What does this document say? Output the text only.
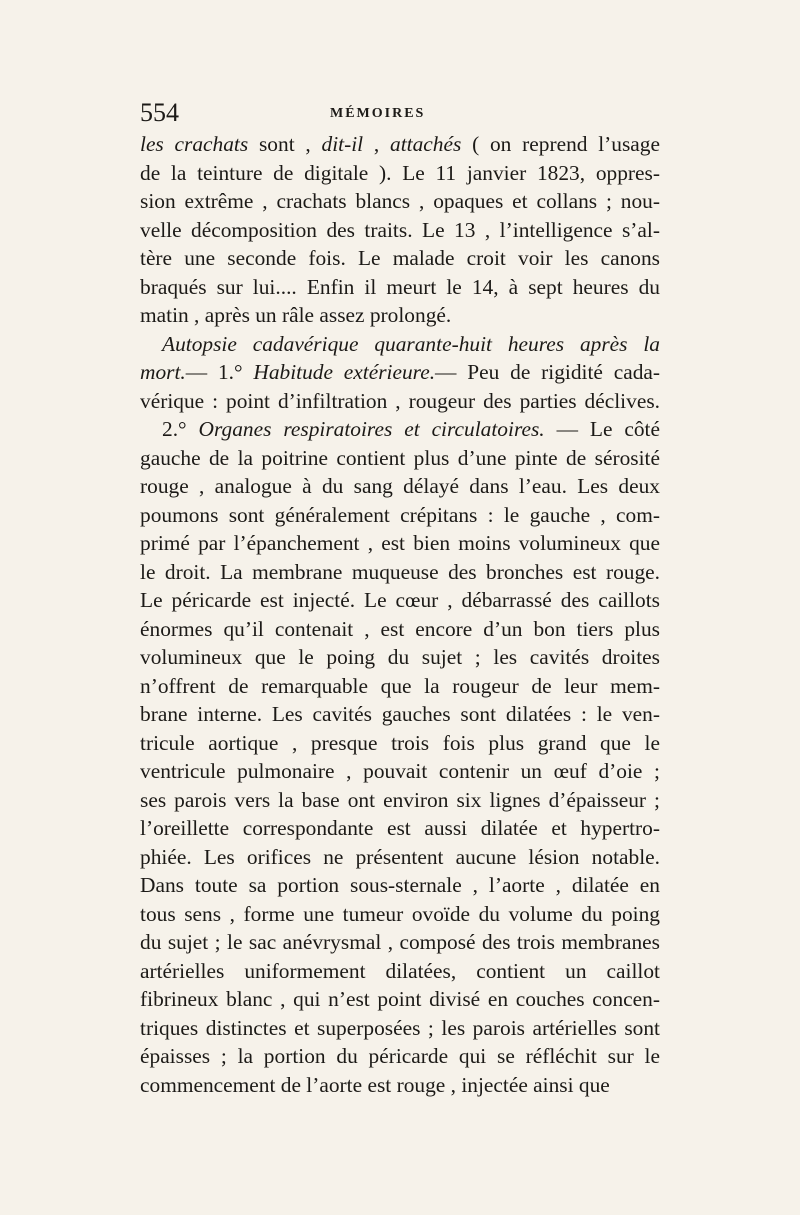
554	MÉMOIRES
les crachats sont , dit-il , attachés ( on reprend l’usage
de la teinture de digitale ). Le 11 janvier 1823, oppres-
sion extrême , crachats blancs , opaques et collans ; nou-
velle décomposition des traits. Le 13 , l’intelligence s’al-
tère une seconde fois. Le malade croit voir les canons
braqués sur lui.... Enfin il meurt le 14, à sept heures du
matin , après un râle assez prolongé.
Autopsie cadavérique quarante-huit heures après la
mort.— 1.° Habitude extérieure.— Peu de rigidité cada-
vérique : point d’infiltration , rougeur des parties déclives.
2.° Organes respiratoires et circulatoires. — Le côté
gauche de la poitrine contient plus d’une pinte de sérosité
rouge , analogue à du sang délayé dans l’eau. Les deux
poumons sont généralement crépitans : le gauche , com-
primé par l’épanchement , est bien moins volumineux que
le droit. La membrane muqueuse des bronches est rouge.
Le péricarde est injecté. Le cœur , débarrassé des caillots
énormes qu’il contenait , est encore d’un bon tiers plus
volumineux que le poing du sujet ; les cavités droites
n’offrent de remarquable que la rougeur de leur mem-
brane interne. Les cavités gauches sont dilatées : le ven-
tricule aortique , presque trois fois plus grand que le
ventricule pulmonaire , pouvait contenir un œuf d’oie ;
ses parois vers la base ont environ six lignes d’épaisseur ;
l’oreillette correspondante est aussi dilatée et hypertro-
phiée. Les orifices ne présentent aucune lésion notable.
Dans toute sa portion sous-sternale , l’aorte , dilatée en
tous sens , forme une tumeur ovoïde du volume du poing
du sujet ; le sac anévrysmal , composé des trois membranes
artérielles uniformement dilatées, contient un caillot
fibrineux blanc , qui n’est point divisé en couches concen-
triques distinctes et superposées ; les parois artérielles sont
épaisses ; la portion du péricarde qui se réfléchit sur le
commencement de l’aorte est rouge , injectée ainsi que
